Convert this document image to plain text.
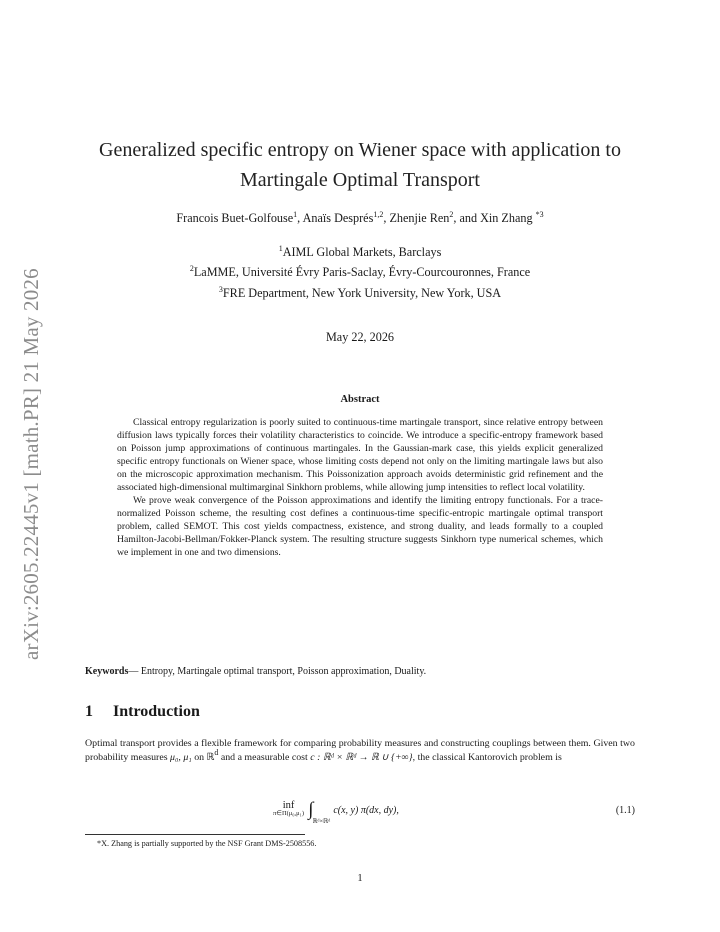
arXiv:2605.22445v1 [math.PR] 21 May 2026
Generalized specific entropy on Wiener space with application to
Martingale Optimal Transport
Francois Buet-Golfouse$^1$, Anaïs Després$^{1,2}$, Zhenjie Ren$^2$, and Xin Zhang $^{*3}$
$^1$AIML Global Markets, Barclays
$^2$LaMME, Université Évry Paris-Saclay, Évry-Courcouronnes, France
$^3$FRE Department, New York University, New York, USA
May 22, 2026
Abstract

Classical entropy regularization is poorly suited to continuous-time martingale transport, since relative entropy between diffusion laws typically forces their volatility characteristics to coincide. We introduce a specific-entropy framework based on Poisson jump approximations of continuous martingales. In the Gaussian-mark case, this yields explicit generalized specific entropy functionals on Wiener space, whose limiting costs depend not only on the limiting martingale laws but also on the microscopic approximation mechanism. This Poissonization approach avoids deterministic grid refinement and the associated high-dimensional multimarginal Sinkhorn problems, while allowing jump intensities to reflect local volatility.

We prove weak convergence of the Poisson approximations and identify the limiting entropy functionals. For a trace-normalized Poisson scheme, the resulting cost defines a continuous-time specific-entropic martingale optimal transport problem, called SEMOT. This cost yields compactness, existence, and strong duality, and leads formally to a coupled Hamilton-Jacobi-Bellman/Fokker-Planck system. The resulting structure suggests Sinkhorn type numerical schemes, which we implement in one and two dimensions.

Keywords— Entropy, Martingale optimal transport, Poisson approximation, Duality.
1 Introduction

Optimal transport provides a flexible framework for comparing probability measures and constructing couplings between them. Given two probability measures μ₀, μ₁ on ℝ$^d$ and a measurable cost c : ℝᵈ × ℝᵈ → ℝ ∪ {+∞}, the classical Kantorovich problem is

inf
π∈Π(μ₀,μ₁) ∫ℝᵈ×ℝᵈc(x, y) π(dx, dy),	(1.1)
*X. Zhang is partially supported by the NSF Grant DMS-2508556.
1
